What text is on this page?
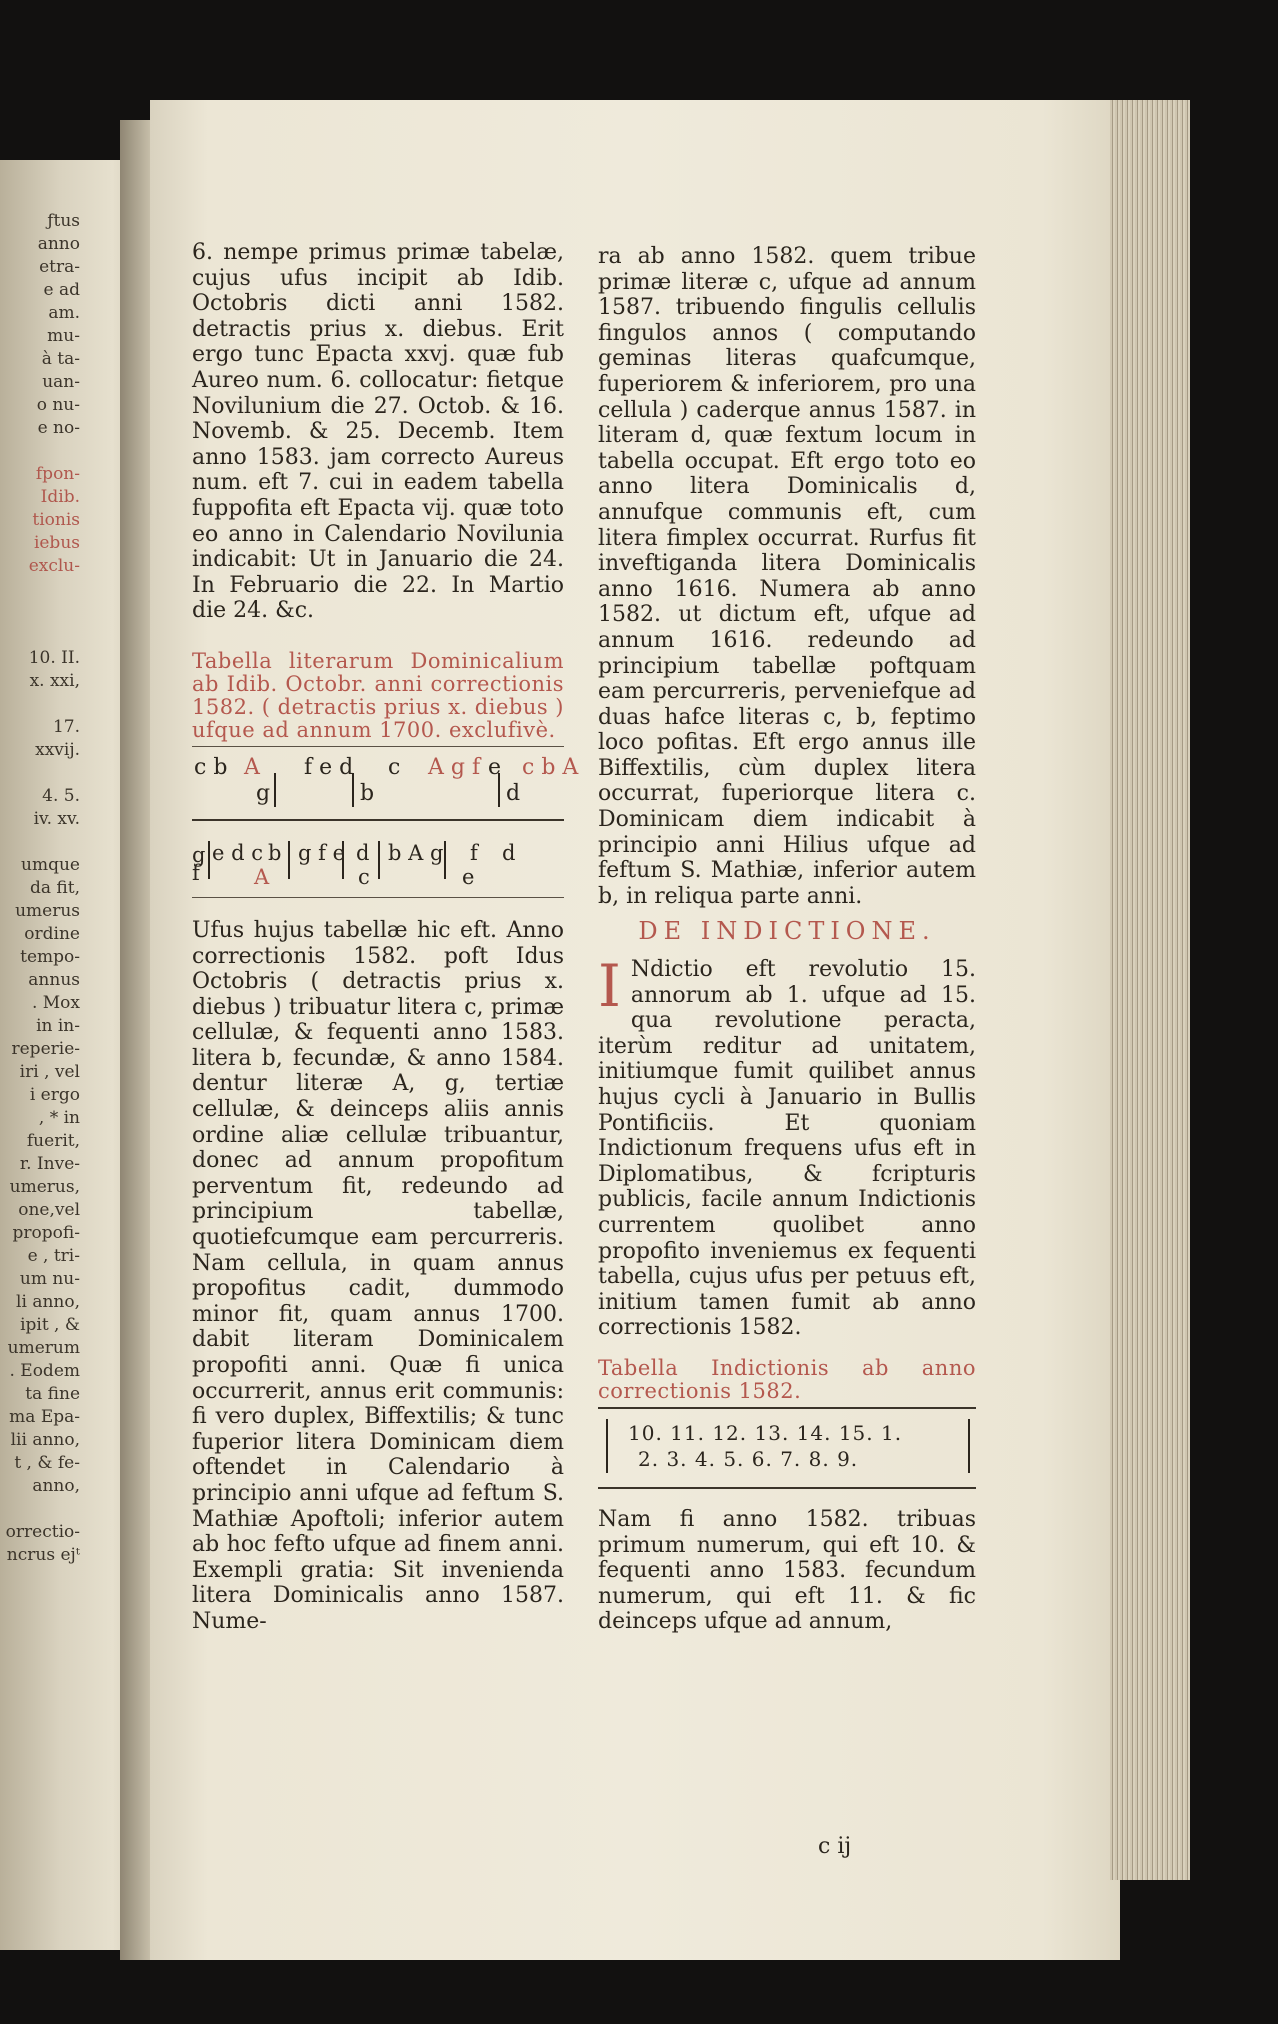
ƒtus
anno
etra-
e ad
am.
mu-
à ta-
uan-
o nu-
e no-

fpon-
Idib.
tionis
iebus
exclu-

10. II.
x. xxi,

17.
xxvij.

4. 5.
iv. xv.

umque
da fit,
umerus
ordine
tempo-
annus
. Mox
in in-
reperie-
iri , vel
i ergo
, * in
fuerit,
r. Inve-
umerus,
one,vel
propofi-
e , tri-
um nu-
li anno,
ipit , &
umerum
. Eodem
ta fine
ma Epa-
lii anno,
t , & fe-
anno,

orrectio-
ncrus ejᵗ

6. nempe primus primæ tabelæ, cujus ufus incipit ab Idib. Octobris dicti anni 1582. detractis prius x. diebus. Erit ergo tunc Epacta xxvj. quæ fub Aureo num. 6. collocatur: fietque Novilunium die 27. Octob. & 16. Novemb. & 25. Decemb. Item anno 1583. jam correcto Aureus num. eft 7. cui in eadem tabella fuppofita eft Epacta vij. quæ toto eo anno in Calendario Novilunia indicabit: Ut in Januario die 24. In Februario die 22. In Martio die 24. &c.

Tabella literarum Dominicalium ab Idib. Octobr. anni correctionis 1582. ( detractis prius x. diebus ) ufque ad annum 1700. exclufivè.

c b A
g
f e d
b
c A g f e
d
c b A
g
f
e d c b
A
g f e d
c
b A g f
e
d

Ufus hujus tabellæ hic eft. Anno correctionis 1582. poft Idus Octobris ( detractis prius x. diebus ) tribuatur litera c, primæ cellulæ, & fequenti anno 1583. litera b, fecundæ, & anno 1584. dentur literæ A, g, tertiæ cellulæ, & deinceps aliis annis ordine aliæ cellulæ tribuantur, donec ad annum propofitum perventum fit, redeundo ad principium tabellæ, quotiefcumque eam percurreris. Nam cellula, in quam annus propofitus cadit, dummodo minor fit, quam annus 1700. dabit literam Dominicalem propofiti anni. Quæ fi unica occurrerit, annus erit communis: fi vero duplex, Biffextilis; & tunc fuperior litera Dominicam diem oftendet in Calendario à principio anni ufque ad feftum S. Mathiæ Apoftoli; inferior autem ab hoc fefto ufque ad finem anni. Exempli gratia: Sit invenienda litera Dominicalis anno 1587. Nume-

ra ab anno 1582. quem tribue primæ literæ c, ufque ad annum 1587. tribuendo fingulis cellulis fingulos annos ( computando geminas literas quafcumque, fuperiorem & inferiorem, pro una cellula ) caderque annus 1587. in literam d, quæ fextum locum in tabella occupat. Eft ergo toto eo anno litera Dominicalis d, annufque communis eft, cum litera fimplex occurrat. Rurfus fit inveftiganda litera Dominicalis anno 1616. Numera ab anno 1582. ut dictum eft, ufque ad annum 1616. redeundo ad principium tabellæ poftquam eam percurreris, perveniefque ad duas hafce literas c, b, feptimo loco pofitas. Eft ergo annus ille Biffextilis, cùm duplex litera occurrat, fuperiorque litera c. Dominicam diem indicabit à principio anni Hilius ufque ad feftum S. Mathiæ, inferior autem b, in reliqua parte anni.

DE INDICTIONE.

I Ndictio eft revolutio 15. annorum ab 1. ufque ad 15. qua revolutione peracta, iterùm reditur ad unitatem, initiumque fumit quilibet annus hujus cycli à Januario in Bullis Pontificiis. Et quoniam Indictionum frequens ufus eft in Diplomatibus, & fcripturis publicis, facile annum Indictionis currentem quolibet anno propofito inveniemus ex fequenti tabella, cujus ufus per petuus eft, initium tamen fumit ab anno correctionis 1582.

Tabella Indictionis ab anno correctionis 1582.

10. 11. 12. 13. 14. 15. 1.
2. 3. 4. 5. 6. 7. 8. 9.

Nam fi anno 1582. tribuas primum numerum, qui eft 10. & fequenti anno 1583. fecundum numerum, qui eft 11. & fic deinceps ufque ad annum,

c ij
